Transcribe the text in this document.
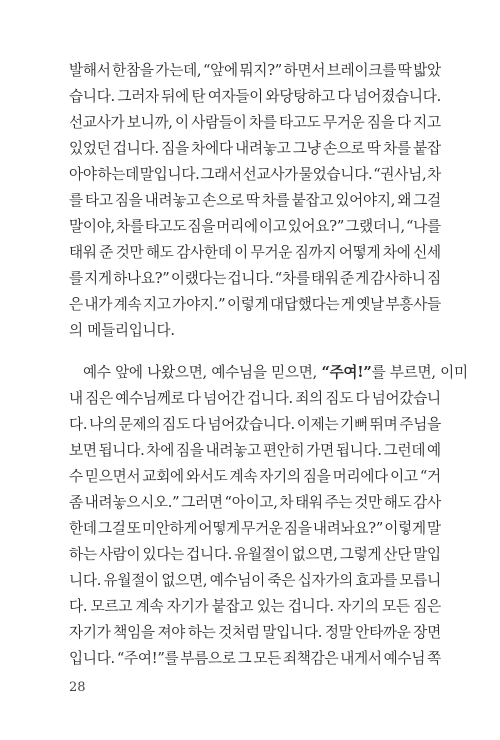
발해서 한참을 가는데, “앞에 뭐지?” 하면서 브레이크를 딱 밟았
습니다. 그러자 뒤에 탄 여자들이 와당탕하고 다 넘어졌습니다.
선교사가 보니까, 이 사람들이 차를 타고도 무거운 짐을 다 지고
있었던 겁니다. 짐을 차에다 내려놓고 그냥 손으로 딱 차를 붙잡
아야 하는데 말입니다. 그래서 선교사가 물었습니다. “권사님, 차
를 타고 짐을 내려놓고 손으로 딱 차를 붙잡고 있어야지, 왜 그걸
말이야, 차를 타고도 짐을 머리에 이고 있어요?” 그랬더니, “나를
태워 준 것만 해도 감사한데 이 무거운 짐까지 어떻게 차에 신세
를 지게 하나요?” 이랬다는 겁니다. “차를 태워 준 게 감사하니 짐
은 내가 계속 지고 가야지.” 이렇게 대답했다는 게 옛날 부흥사들
의 메들리입니다.
예수 앞에 나왔으면, 예수님을 믿으면, “주여!”를 부르면, 이미
내 짐은 예수님께로 다 넘어간 겁니다. 죄의 짐도 다 넘어갔습니
다. 나의 문제의 짐도 다 넘어갔습니다. 이제는 기뻐 뛰며 주님을
보면 됩니다. 차에 짐을 내려놓고 편안히 가면 됩니다. 그런데 예
수 믿으면서 교회에 와서도 계속 자기의 짐을 머리에다 이고 “거
좀 내려놓으시오.” 그러면 “아이고, 차 태워 주는 것만 해도 감사
한데 그걸 또 미안하게 어떻게 무거운 짐을 내려놔요?” 이렇게 말
하는 사람이 있다는 겁니다. 유월절이 없으면, 그렇게 산단 말입
니다. 유월절이 없으면, 예수님이 죽은 십자가의 효과를 모릅니
다. 모르고 계속 자기가 붙잡고 있는 겁니다. 자기의 모든 짐은
자기가 책임을 져야 하는 것처럼 말입니다. 정말 안타까운 장면
입니다. “주여!”를 부름으로 그 모든 죄책감은 내게서 예수님 쪽
28
